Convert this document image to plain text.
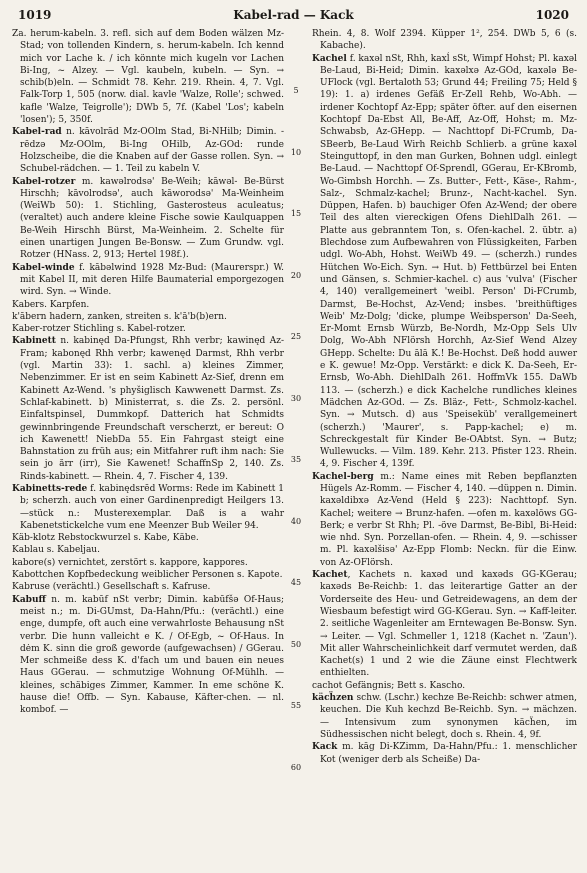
1019	Kabel-rad — Kack	1020

Za. herum-kabeln. 3. refl. sich auf dem Boden wälzen Mz-Stad; von tollenden Kindern, s. herum-kabeln. Ich kennd mich vor Lache k. / ich könnte mich kugeln vor Lachen Bi-Ing, ~ Alzey. — Vgl. kaubeln, kubeln. — Syn. → schib(b)eln. — Schmidt 78. Kehr. 219. Rhein. 4, 7. Vgl. Falk-Torp 1, 505 (norw. dial. kavle 'Walze, Rolle'; schwed. kafle 'Walze, Teigrolle'); DWb 5, 7f. (Kabel 'Los'; kabeln 'losen'); 5, 350f.

Kabel-rad n. kāvolrād Mz-OOlm Stad, Bi-NHilb; Dimin. -rēdzə Mz-OOlm, Bi-Ing OHilb, Az-GOd: runde Holzscheibe, die die Knaben auf der Gasse rollen. Syn. → Schubel-rädchen. — 1. Teil zu kabeln V.

Kabel-rotzer m. kawəlrodsə' Be-Weih; kāwəl- Be-Bürst Hirschh; kāvolrodsə', auch kāworodsə' Ma-Weinheim (WeiWb 50): 1. Stichling, Gasterosteus aculeatus; (veraltet) auch andere kleine Fische sowie Kaulquappen Be-Weih Hirschh Bürst, Ma-Weinheim. 2. Schelte für einen unartigen Jungen Be-Bonsw. — Zum Grundw. vgl. Rotzer (HNass. 2, 913; Hertel 198f.).

Kabel-winde f. kābəlwind 1928 Mz-Bud: (Maurerspr.) W. mit Kabel II, mit deren Hilfe Baumaterial emporgezogen wird. Syn. → Winde.

Kabers. Karpfen.

k'ābern hadern, zanken, streiten s. k'ā'b(b)ern.

Kaber-rotzer Stichling s. Kabel-rotzer.

Kabinett n. kabinęd Da-Pfungst, Rhh verbr; kawinęd Az-Fram; kabonęd Rhh verbr; kawenęd Darmst, Rhh verbr (vgl. Martin 33): 1. sachl. a) kleines Zimmer, Nebenzimmer. Er ist en seim Kabinett Az-Sief, drenn em Kabinett Az-Wend. 's phyšiglisch Kawwenett Darmst. Zs. Schlaf-kabinett. b) Ministerrat, s. die Zs. 2. persönl. Einfaltspinsel, Dummkopf. Datterich hat Schmidts gewinnbringende Freundschaft verscherzt, er bereut: O ich Kawenett! NiebDa 55. Ein Fahrgast steigt eine Bahnstation zu früh aus; ein Mitfahrer ruft ihm nach: Sie sein jo ărr (irr), Sie Kawenet! SchaffnSp 2, 140. Zs. Rinds-kabinett. — Rhein. 4, 7. Fischer 4, 139.

Kabinetts-rede f. kabinędsrēd Worms: Rede im Kabinett 1 b; scherzh. auch von einer Gardinenpredigt Heilgers 13. —stück n.: Musterexemplar. Daß is a wahr Kabenetstickelche vum ene Meenzer Bub Weiler 94.

Käb-klotz Rebstockwurzel s. Kabe, Käbe.

Kablau s. Kabeljau.

kabore(s) vernichtet, zerstört s. kappore, kappores.

Kabottchen Kopfbedeckung weiblicher Personen s. Kapote.

Kabruse (verächtl.) Gesellschaft s. Kafruse.

Kabuff n. m. kabūf nSt verbr; Dimin. kabūfšə Of-Haus; meist n.; m. Di-GUmst, Da-Hahn/Pfu.: (verächtl.) eine enge, dumpfe, oft auch eine verwahrloste Behausung nSt verbr. Die hunn valleicht e K. / Of-Egb, ~ Of-Haus. In dėm K. sinn die groß geworde (aufgewachsen) / GGerau. Mer schmeiße dess K. d'fach um und bauen ein neues Haus GGerau. — schmutzige Wohnung Of-Mühlh. — kleines, schäbiges Zimmer, Kammer. In eme schöne K. hause die! Offb. — Syn. Kabause, Käfter-chen. — nl. kombof. —

5
10
15
20
25
30
35
40
45
50
55
60

Rhein. 4, 8. Wolf 2394. Küpper 1², 254. DWb 5, 6 (s. Kabache).

Kachel f. kaxəl nSt, Rhh, kaxĺ sSt, Wimpf Hohst; Pl. kaxəl Be-Laud, Bi-Heid; Dimin. kaxəlxə Az-GOd, kaxələ Be-UFlock (vgl. Bertaloth 53; Grund 44; Freiling 75; Held § 19): 1. a) irdenes Gefäß Er-Zell Rehb, Wo-Abh. — irdener Kochtopf Az-Epp; später öfter. auf den eisernen Kochtopf Da-Ebst All, Be-Aff, Az-Off, Hohst; m. Mz-Schwabsb, Az-GHepp. — Nachttopf Di-FCrumb, Da-SBeerb, Be-Laud Wirh Reichb Schlierb. a grüne kaxəl Steinguttopf, in den man Gurken, Bohnen udgl. einlegt Be-Laud. — Nachttopf Of-Sprendl, GGerau, Er-KBromb, Wo-Gimbsh Horchh. — Zs. Butter-, Fett-, Käse-, Rahm-, Salz-, Schmalz-kachel; Brunz-, Nacht-kachel. Syn. Düppen, Hafen. b) bauchiger Ofen Az-Wend; der obere Teil des alten viereckigen Ofens DiehlDalh 261. — Platte aus gebranntem Ton, s. Ofen-kachel. 2. übtr. a) Blechdose zum Aufbewahren von Flüssigkeiten, Farben udgl. Wo-Abh, Hohst. WeiWb 49. — (scherzh.) rundes Hütchen Wo-Eich. Syn. → Hut. b) Fettbürzel bei Enten und Gänsen, s. Schmier-kachel. c) aus 'vulva' (Fischer 4, 140) verallgemeinert 'weibl. Person' Di-FCrumb, Darmst, Be-Hochst, Az-Vend; insbes. 'breithüftiges Weib' Mz-Dolg; 'dicke, plumpe Weibsperson' Da-Seeh, Er-Momt Ernsb Würzb, Be-Nordh, Mz-Opp Sels Ulv Dolg, Wo-Abh NFlörsh Horchh, Az-Sief Wend Alzey GHepp. Schelte: Du ālā K.! Be-Hochst. Deß hodd auwer e K. gewue! Mz-Opp. Verstärkt: e dick K. Da-Seeh, Er-Ernsb, Wo-Abh. DiehlDalh 261. HoffmVk 155. DaWb 113. — (scherzh.) e dick Kachelche rundliches kleines Mädchen Az-GOd. — Zs. Bläz-, Fett-, Schmolz-kachel. Syn. → Mutsch. d) aus 'Speiseküb' verallgemeinert (scherzh.) 'Maurer', s. Papp-kachel; e) m. Schreckgestalt für Kinder Be-OAbtst. Syn. → Butz; Wullewucks. — Vilm. 189. Kehr. 213. Pfister 123. Rhein. 4, 9. Fischer 4, 139f.

Kachel-berg m.: Name eines mit Reben bepflanzten Hügels Az-Romm. — Fischer 4, 140. —düppen n. Dimin. kaxəldibxə Az-Vend (Held § 223): Nachttopf. Syn. Kachel; weitere → Brunz-hafen. —ofen m. kaxəlōws GG-Berk; e verbr St Rhh; Pl. -öve Darmst, Be-Bibl, Bi-Heid: wie nhd. Syn. Porzellan-ofen. — Rhein. 4, 9. —schisser m. Pl. kaxəlšisə' Az-Epp Flomb: Neckn. für die Einw. von Az-OFlörsh.

Kachet, Kachets n. kaxəd und kaxəds GG-KGerau; kaxəds Be-Reichb: 1. das leiterartige Gatter an der Vorderseite des Heu- und Getreidewagens, an dem der Wiesbaum befestigt wird GG-KGerau. Syn. → Kaff-leiter. 2. seitliche Wagenleiter am Erntewagen Be-Bonsw. Syn. → Leiter. — Vgl. Schmeller 1, 1218 (Kachet n. 'Zaun'). Mit aller Wahrscheinlichkeit darf vermutet werden, daß Kachet(s) 1 und 2 wie die Zäune einst Flechtwerk enthielten.

cachot Gefängnis; Bett s. Kascho.

käcḧzen schw. (Lschr.) kechze Be-Reichb: schwer atmen, keuchen. Die Kuh kechzd Be-Reichb. Syn. → mächzen. — Intensivum zum synonymen käcḧen, im Südhessischen nicht belegt, doch s. Rhein. 4, 9f.

Kack m. kāg Di-KZimm, Da-Hahn/Pfu.: 1. menschlicher Kot (weniger derb als Scheiße) Da-
